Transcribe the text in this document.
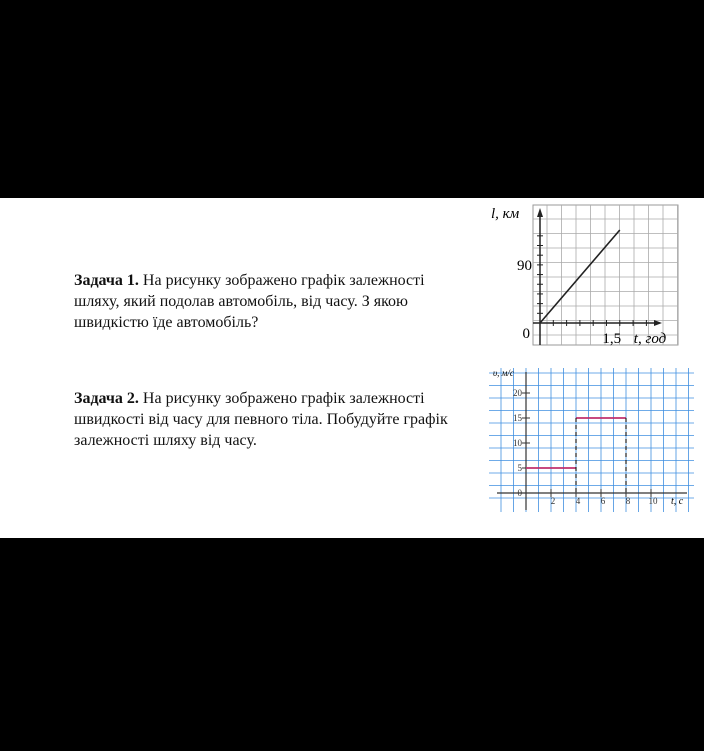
Задача 1. На рисунку зображено графік залежності шляху, який подолав автомобіль, від часу. З якою швидкістю їде автомобіль?
Задача 2. На рисунку зображено графік залежності швидкості від часу для певного тіла. Побудуйте графік залежності шляху від часу.
l, км
90
0	1,5 t, год
0
5
10
15
20
2 4 6 8 10
υ, м/с
t, с
